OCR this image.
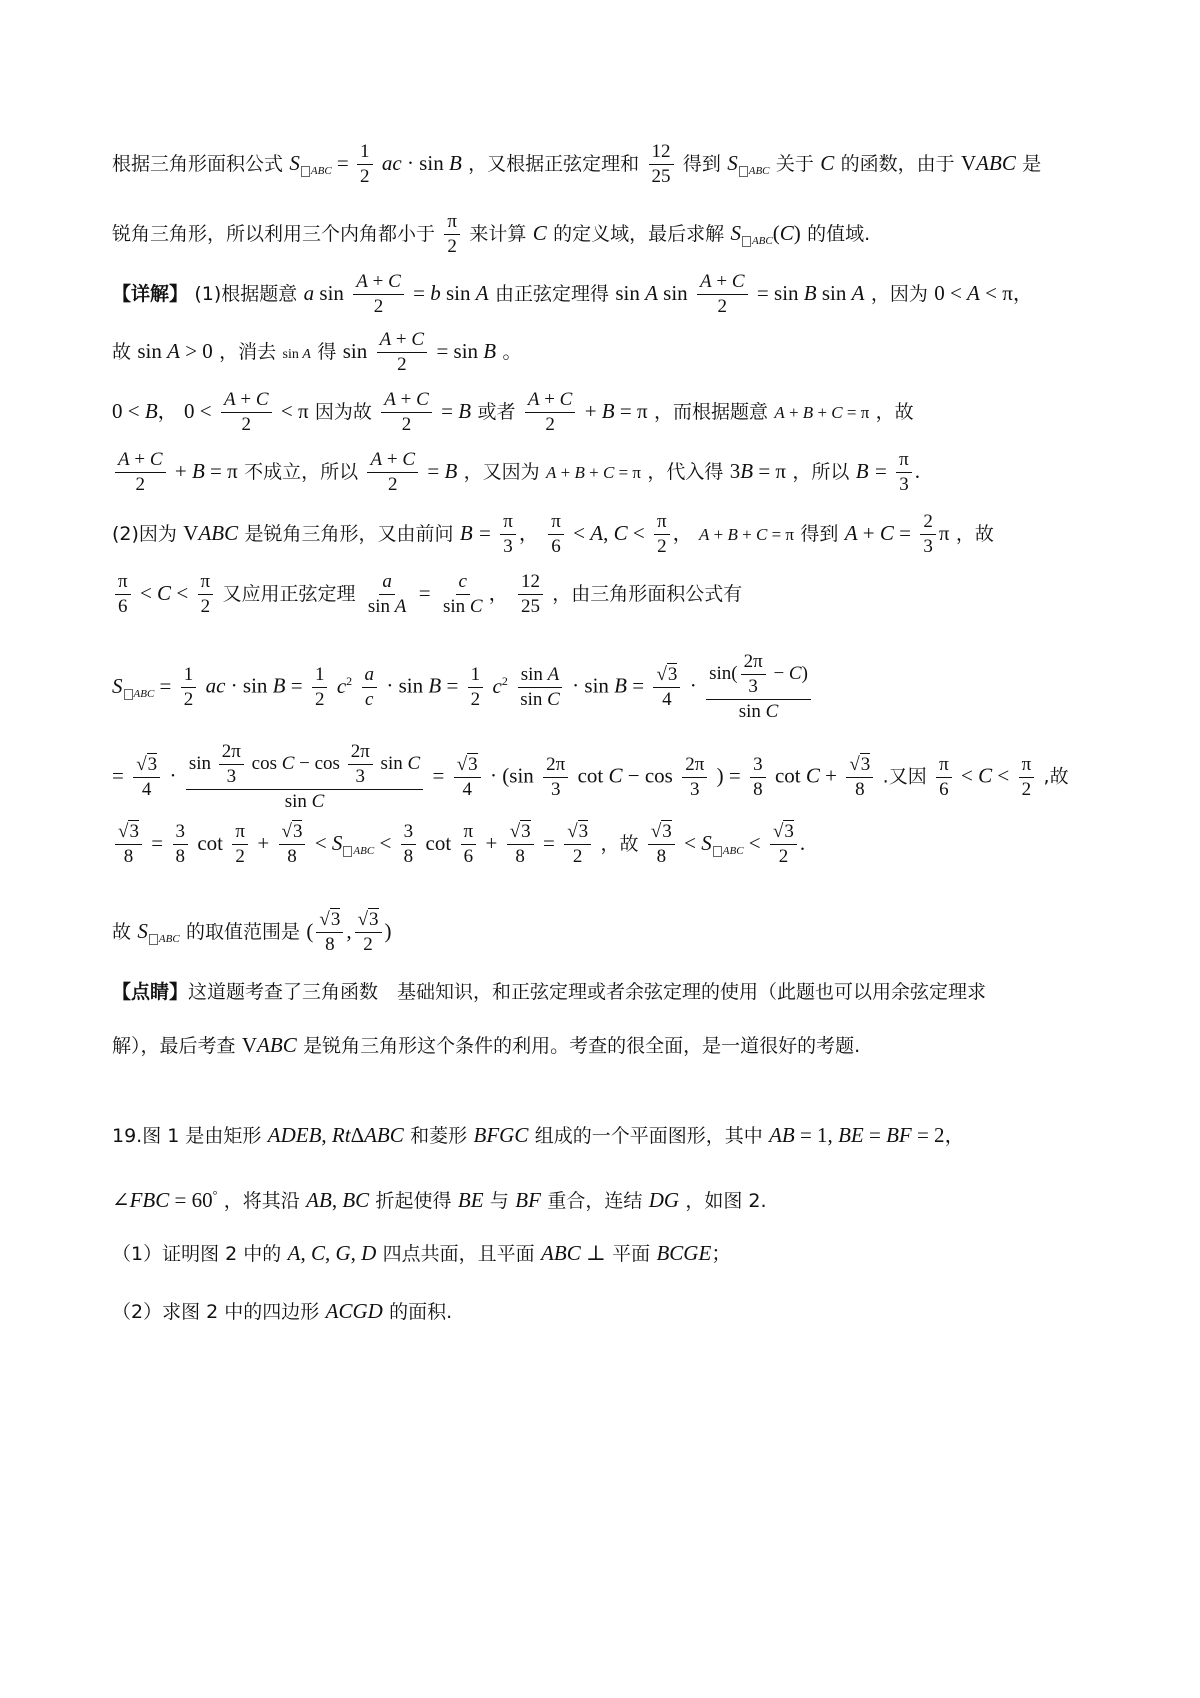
根据三角形面积公式 S $_{ABC} = \frac{1}{2}$ ac · sin B ，又根据正弦定理和 $\frac{12}{25}$ 得到 S $_{ABC}$ 关于 C 的函数，由于 VABC 是
锐角三角形，所以利用三个内角都小于 $\frac{\pi}{2}$ 来计算 C 的定义域，最后求解 S $_{ABC}$(C) 的值域.
【详解】 (1)根据题意 a $\sin \frac{A + C}{2} = b$ sin A 由正弦定理得 sin A $\sin \frac{A + C}{2} = \sin B$ sin A ，因为 0 < A < π，
故 sin A > 0 ，消去 sin A 得 $\sin \frac{A + C}{2} = \sin B$ 。
0 < B， $0 < \frac{A + C}{2} < \pi$ 因为故 $\frac{A + C}{2} = B$ 或者 $\frac{A + C}{2} + B = \pi$ ，而根据题意 A + B + C = π ，故
$\frac{A + C}{2} + B = \pi$ 不成立，所以 $\frac{A + C}{2} = B$ ，又因为 A + B + C = π ，代入得 3B = π ，所以 $B = \frac{\pi}{3}$ .
(2)因为 VABC 是锐角三角形，又由前问 $B = \frac{\pi}{3}$ ， $\frac{\pi}{6} < A$, $C < \frac{\pi}{2}$ ， A + B + C = π 得到 $A + C = \frac{2}{3}$ π ，故
$\frac{\pi}{6} < C < \frac{\pi}{2}$ 又应用正弦定理 $\frac{a}{\text{sin A}} = \frac{c}{\text{sin C}}$ ， $\frac{12}{25}$ ，由三角形面积公式有
S $_{ABC} = \frac{1}{2}$ ac · $\sin B = \frac{1}{2} c^2 \frac{a}{c} \cdot \sin B = \frac{1}{2} c^2 \frac{\text{sin A}}{\text{sin C}} \cdot \sin B = \frac{√3}{4} \cdot \frac{\sin( \frac{2\pi}{3} - C)}{\text{sin C}}$
= $\frac{√3}{4} \cdot \frac{\sin \frac{2\pi}{3} \cos C - \cos \frac{2\pi}{3} \sin C}{\text{sin C}} = \frac{√3}{4} \cdot (\sin \frac{2\pi}{3}$ $\cot C - \cos \frac{2\pi}{3}$ ) = $\frac{3}{8}$ $\cot C + \frac{√3}{8}$ .又因 $\frac{\pi}{6} < C < \frac{\pi}{2}$ ,故
$\frac{√3}{8} = \frac{3}{8}$ $\cot \frac{\pi}{2} + \frac{√3}{8} < S$ $_{ABC} < \frac{3}{8}$ $\cot \frac{\pi}{6} + \frac{√3}{8} = \frac{√3}{2}$ ，故 $\frac{√3}{8} < S$ $_{ABC} < \frac{√3}{2}$ .
故 S $_{ABC}$ 的取值范围是 ( $\frac{√3}{8}$ , $\frac{√3}{2}$ )
【点睛】这道题考查了三角函数　基础知识，和正弦定理或者余弦定理的使用（此题也可以用余弦定理求
解），最后考查 VABC 是锐角三角形这个条件的利用。考查的很全面，是一道很好的考题.
19.图 1 是由矩形 ADEB, RtΔABC 和菱形 BFGC 组成的一个平面图形，其中 AB = 1, BE = BF = 2，
∠FBC = 60° ，将其沿 AB, BC 折起使得 BE 与 BF 重合，连结 DG ，如图 2.
（1）证明图 2 中的 A, C, G, D 四点共面，且平面 ABC ⊥ 平面 BCGE；
（2）求图 2 中的四边形 ACGD 的面积.
